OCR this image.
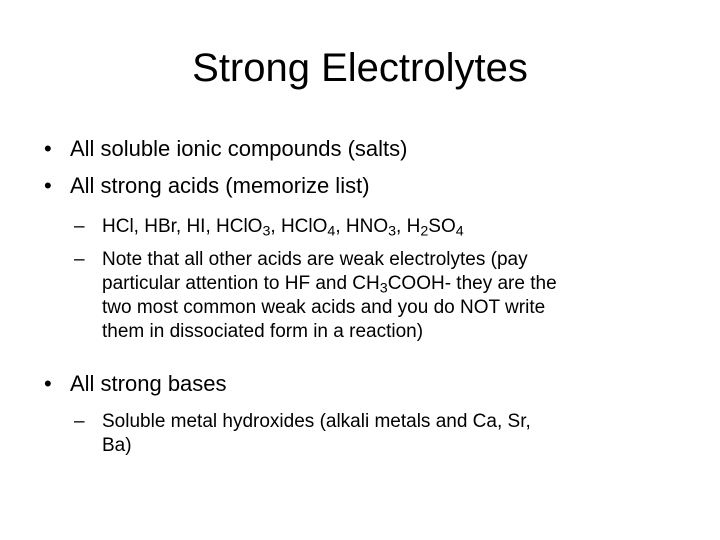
Strong Electrolytes
• All soluble ionic compounds (salts)
• All strong acids (memorize list)
– HCl, HBr, HI, HClO$_3$, HClO$_4$, $HNO_3$, $H_2SO_4$
– Note that all other acids are weak electrolytes (pay
particular attention to HF and $CH_3COOH-$ they are the
two most common weak acids and you do NOT write
them in dissociated form in a reaction)
• All strong bases
– Soluble metal hydroxides (alkali metals and Ca, Sr,
Ba)
